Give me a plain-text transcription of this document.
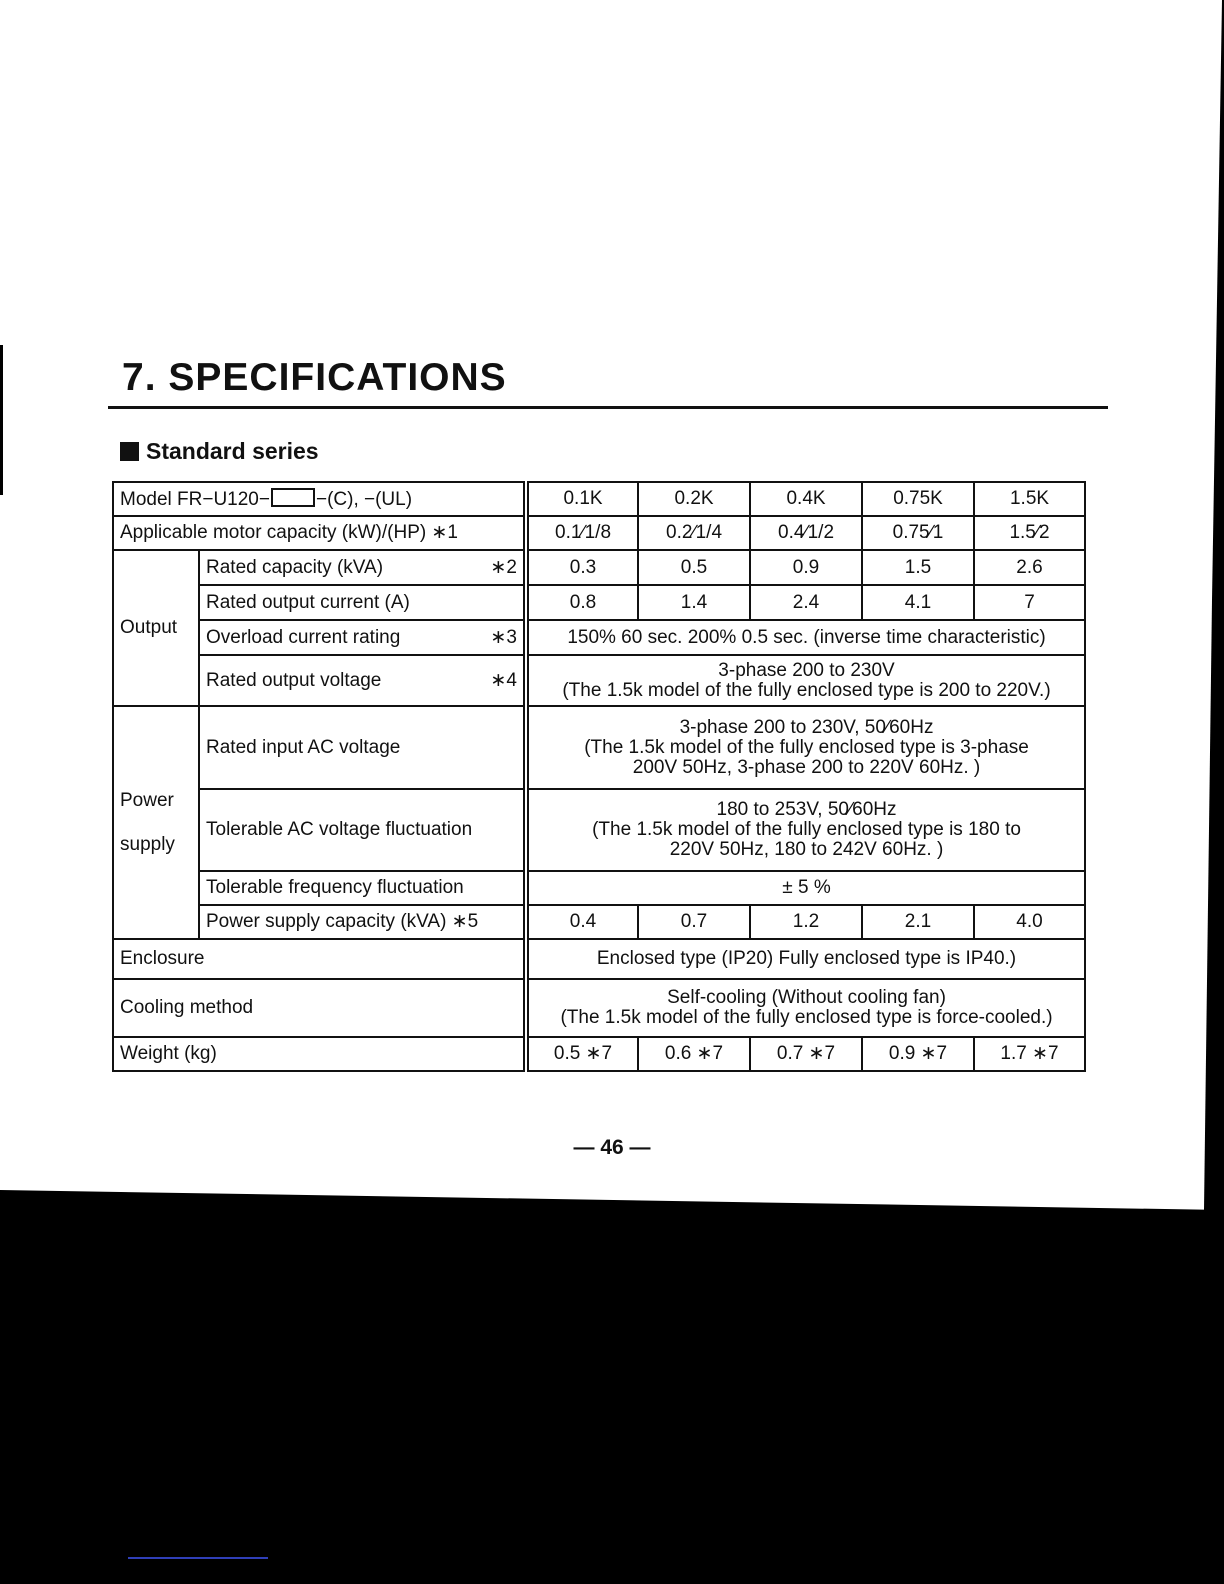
7. SPECIFICATIONS
Standard series
Model FR−U120− −(C), −(UL)		0.1K	0.2K	0.4K	0.75K	1.5K
Applicable motor capacity (kW)/(HP) ∗1		0.1∕1/8	0.2∕1/4	0.4∕1/2	0.75∕1	1.5∕2
Output	Rated capacity (kVA) ∗2	0.3	0.5	0.9	1.5	2.6
	Rated output current (A)	0.8	1.4	2.4	4.1	7
	Overload current rating ∗3	150% 60 sec. 200% 0.5 sec. (inverse time characteristic)				
	Rated output voltage ∗4	3-phase 200 to 230V
(The 1.5k model of the fully enclosed type is 200 to 220V.)				

Power

supply	Rated input AC voltage	3-phase 200 to 230V, 50∕60Hz
(The 1.5k model of the fully enclosed type is 3-phase
200V 50Hz, 3-phase 200 to 220V 60Hz. )				

	Tolerable AC voltage fluctuation	180 to 253V, 50∕60Hz
(The 1.5k model of the fully enclosed type is 180 to
220V 50Hz, 180 to 242V 60Hz. )				

	Tolerable frequency fluctuation	± 5 %				
	Power supply capacity (kVA) ∗5	0.4	0.7	1.2	2.1	4.0
Enclosure		Enclosed type (IP20) Fully enclosed type is IP40.)				
Cooling method		Self-cooling (Without cooling fan)
(The 1.5k model of the fully enclosed type is force-cooled.)				

Weight (kg)		0.5 ∗7	0.6 ∗7	0.7 ∗7	0.9 ∗7	1.7 ∗7
— 46 —
